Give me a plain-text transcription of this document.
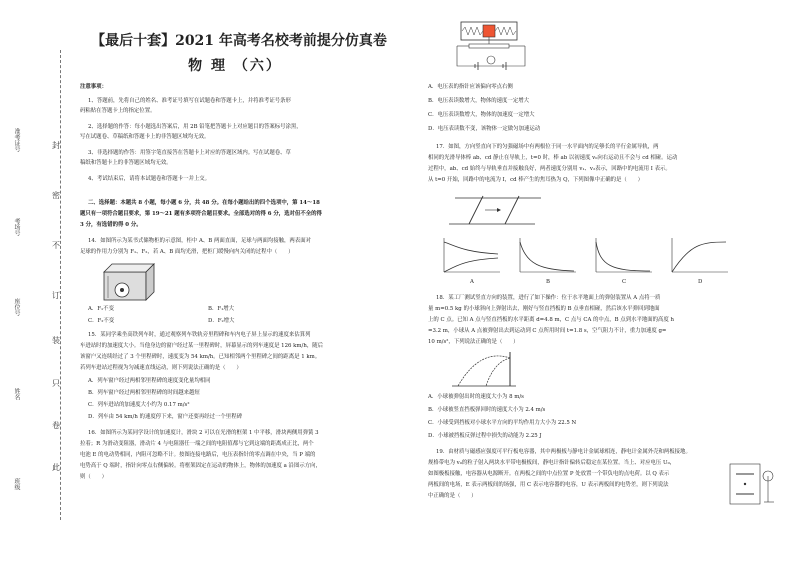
准考证号
考场号
座位号
姓名
班级
封
密
不
订
装
只
卷
此
【最后十套】2021 年高考名校考前提分仿真卷
物 理 （六）
注意事项：
1、答题前，先将自己的姓名、准考证号填写在试题卷和答题卡上，并将准考证号条形
码粘贴在答题卡上的指定位置。
2、选择题的作答：每小题选出答案后，用 2B 铅笔把答题卡上对应题目的答案标号涂黑，
写在试题卷、草稿纸和答题卡上的非答题区域均无效。
3、非选择题的作答：用签字笔直接答在答题卡上对应的答题区域内。写在试题卷、草
稿纸和答题卡上的非答题区域均无效。
4、考试结束后，请将本试题卷和答题卡一并上交。
二、选择题：本题共 8 小题，每小题 6 分，共 48 分。在每小题给出的四个选项中，第 14～18
题只有一项符合题目要求，第 19～21 题有多项符合题目要求。全部选对的得 6 分，选对但不全的得
3 分，有选错的得 0 分。
14．如图所示为某书式储物柜的示意图，柜中 A、B 两面直面，足球与两面均接触，两表面对
足球的作用力分别为 F₁、F₂，若 A、B 面均光滑，把柜门缓慢向内关闭的过程中（　　）
A．F₁不变	B．F₁增大
C．F₂不变	D．F₂增大
15．某同学乘坐高铁列车时，通过观察列车铁轨旁里程碑和车内电子屏上显示的速度来估算列
车进站时的加速度大小。当他身边的窗户经过某一里程碑时，屏幕显示的列车速度是 126 km/h，随后
该窗户又连续经过了 3 个里程碑时，速度变为 54 km/h。已知相邻两个里程碑之间的距离是 1 km。
若列车进站过程视为匀减速直线运动，则下列说法正确的是（　　）
A．列车窗户经过两相邻里程碑的速度变化量均相同
B．列车窗户经过两相邻里程碑的时间越来越短
C．列车进站的加速度大小约为 0.17 m/s²
D．列车由 54 km/h 的速度停下来，窗户还要再经过一个里程碑
16．如图所示为某同学设计的加速度计，滑块 2 可以在光滑的框架 1 中平移，滑块两侧用弹簧 3
拉着；R 为滑动变阻器，滑动片 4 与电阻器任一端之间的电阻值都与它到这端的距离成正比，两个
电池 E 的电动势相同，内阻可忽略不计。按图连接电路后，电压表指针的零点调在中央，当 P 端的
电势高于 Q 端时，指针向零点右侧偏转。将框架固定在运动的物体上，物体的加速度 a 沿图示方向，
则（　　）
A．电压表的指针应该偏向零点右侧
B．电压表读数增大，物体的速度一定增大
C．电压表读数增大，物体的加速度一定增大
D．电压表读数不变，该物体一定做匀加速运动
17．如图，方向竖直向下的匀强磁场中有两根位于同一水平面内的足够长的平行金属导轨，两
相同的光滑导体棒 ab、cd 静止在导轨上，t=0 时，棒 ab 以初速度 v₀向右运动且不会与 cd 相碰。运动
过程中，ab、cd 始终与导轨垂直并接触良好，两者速度分别用 v₁、v₂表示，回路中的电流用 I 表示。
从 t=0 开始，回路中的电流为 I，cd 棒产生的焦耳热为 Q，下列图像中正确的是（　　）
A	B	C	D
18．某工厂测试竖直方向的装置，进行了如下操作：位于水平地面上的弹射装置从 A 点将一质
量 m=0.5 kg 的小球斜向上弹射出去，刚好与竖直挡板的 B 点垂直相碰，然后该水平弹回到地面
上的 C 点。已知 A 点与竖直挡板的水平距离 d=4.8 m，C 点与 CA 的中点，B 点到水平地面的高度 h
=3.2 m，小球从 A 点被弹射出去到运动到 C 点所用时间 t=1.8 s，空气阻力不计，重力加速度 g=
10 m/s²，下列说法正确的是（　　）
A．小球被弹射出时的速度大小为 8 m/s
B．小球被竖直挡板弹回时的速度大小为 2.4 m/s
C．小球受到挡板对小球水平方向的平均作用力大小为 22.5 N
D．小球被挡板反弹过程中损失的动能为 2.25 J
19．由材质与磁感应强度可平行板电容器，其中两极板与静电计金属球相连，静电计金属外壳和两板接地。
规格带电为 v₀的粒子射入两块水平带电极板间，静电计指针偏转后稳定在某位置。当上、对应电压 U₀，
如图极板接触，电容器从电源断开。在两板之间的中点位置 P 处放置一个带负电的点电荷。以 Q 表示
两板间的电场，E 表示两板间的场强，用 C 表示电容器的电容，U 表示两板间的电势差，则下列说法
中正确的是（　　）
